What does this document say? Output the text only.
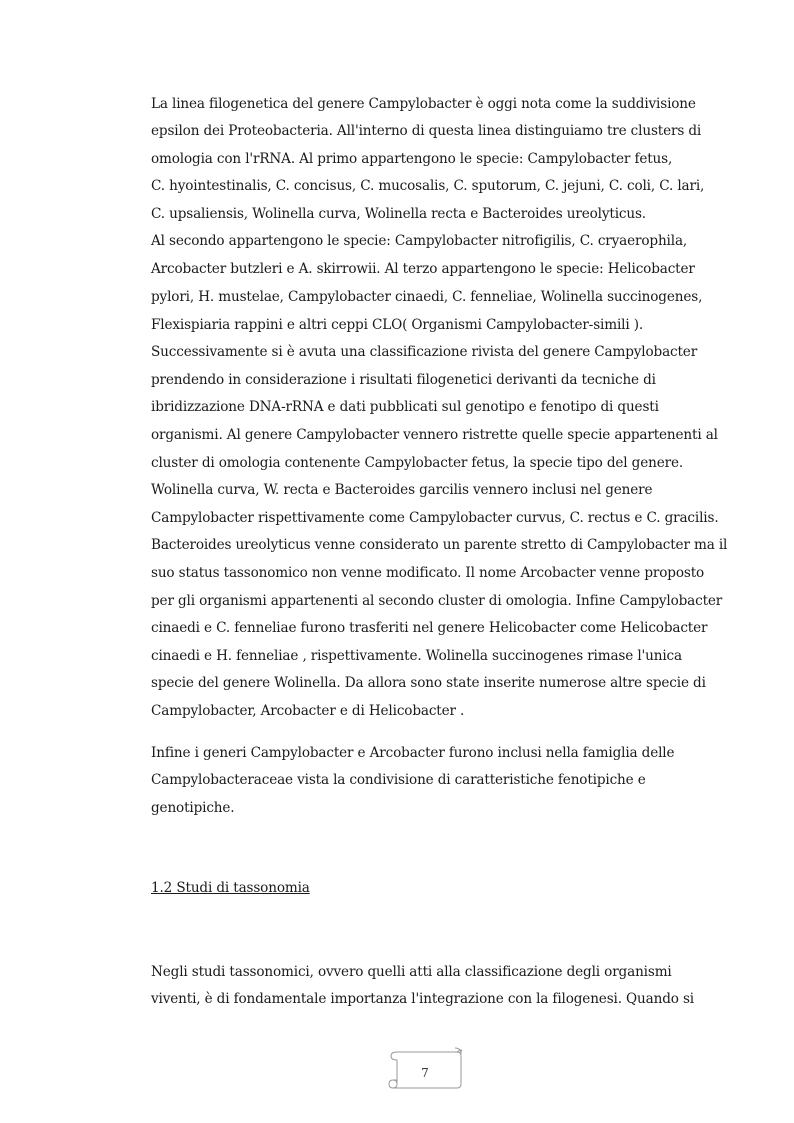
La linea filogenetica del genere Campylobacter è oggi nota come la suddivisione
epsilon dei Proteobacteria. All'interno di questa linea distinguiamo tre clusters di
omologia con l'rRNA. Al primo appartengono le specie: Campylobacter fetus,
C. hyointestinalis, C. concisus, C. mucosalis, C. sputorum, C. jejuni, C. coli, C. lari,
C. upsaliensis, Wolinella curva, Wolinella recta e Bacteroides ureolyticus.
Al secondo appartengono le specie: Campylobacter nitrofigilis, C. cryaerophila,
Arcobacter butzleri e A. skirrowii. Al terzo appartengono le specie: Helicobacter
pylori, H. mustelae, Campylobacter cinaedi, C. fenneliae, Wolinella succinogenes,
Flexispiaria rappini e altri ceppi CLO( Organismi Campylobacter-simili ).
Successivamente si è avuta una classificazione rivista del genere Campylobacter
prendendo in considerazione i risultati filogenetici derivanti da tecniche di
ibridizzazione DNA-rRNA e dati pubblicati sul genotipo e fenotipo di questi
organismi. Al genere Campylobacter vennero ristrette quelle specie appartenenti al
cluster di omologia contenente Campylobacter fetus, la specie tipo del genere.
Wolinella curva, W. recta e Bacteroides garcilis vennero inclusi nel genere
Campylobacter rispettivamente come Campylobacter curvus, C. rectus e C. gracilis.
Bacteroides ureolyticus venne considerato un parente stretto di Campylobacter ma il
suo status tassonomico non venne modificato. Il nome Arcobacter venne proposto
per gli organismi appartenenti al secondo cluster di omologia. Infine Campylobacter
cinaedi e C. fenneliae furono trasferiti nel genere Helicobacter come Helicobacter
cinaedi e H. fenneliae , rispettivamente. Wolinella succinogenes rimase l'unica
specie del genere Wolinella. Da allora sono state inserite numerose altre specie di
Campylobacter, Arcobacter e di Helicobacter .
Infine i generi Campylobacter e Arcobacter furono inclusi nella famiglia delle
Campylobacteraceae vista la condivisione di caratteristiche fenotipiche e
genotipiche.
1.2 Studi di tassonomia
Negli studi tassonomici, ovvero quelli atti alla classificazione degli organismi
viventi, è di fondamentale importanza l'integrazione con la filogenesi. Quando si
7
